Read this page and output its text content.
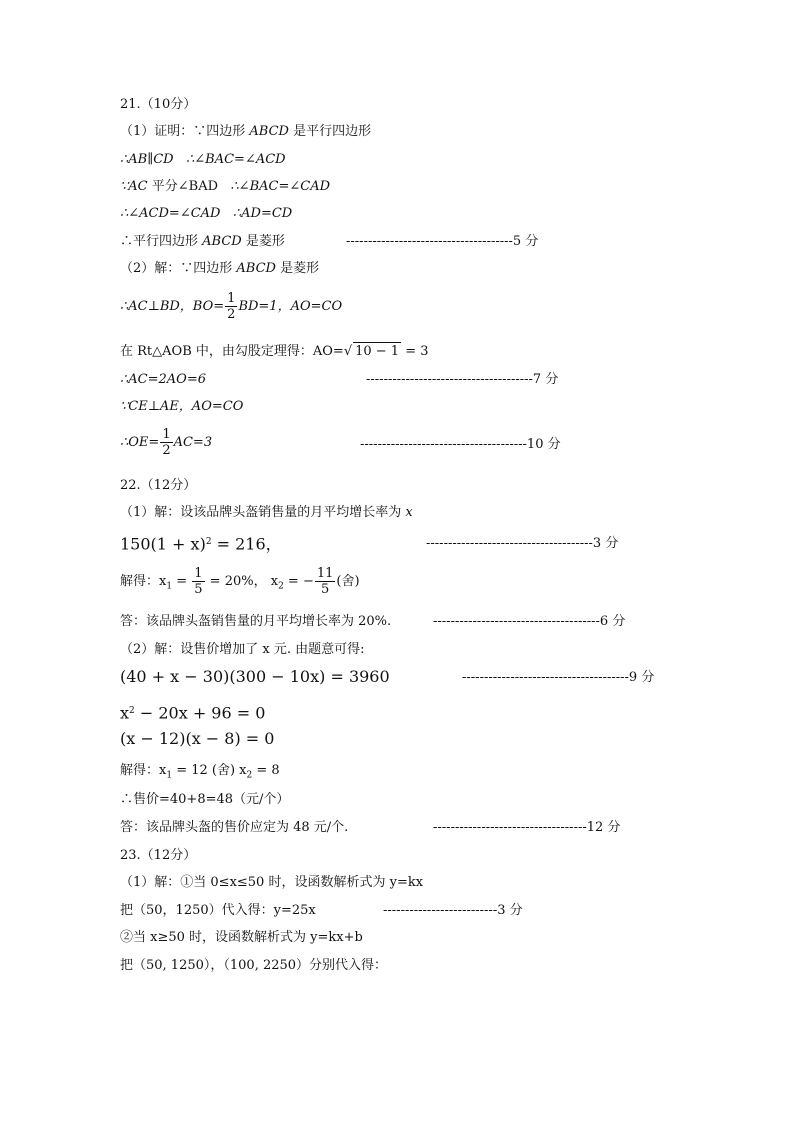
21.（10分）
（1）证明：∵四边形 ABCD 是平行四边形
∴AB∥CD ∴∠BAC=∠ACD
∵AC 平分∠BAD ∴∠BAC=∠CAD
∴∠ACD=∠CAD ∴AD=CD
∴平行四边形 ABCD 是菱形	--------------------------------------5 分
（2）解：∵四边形 ABCD 是菱形
∴AC⊥BD，$BO= \frac{1}{2} BD=1$，AO=CO
在 Rt△AOB 中，由勾股定理得：AO=√ 10 − 1 = 3
∴AC=2AO=6	--------------------------------------7 分
∵CE⊥AE，AO=CO
∴OE= $\frac{1}{2} AC=3$	--------------------------------------10 分
22.（12分）
（1）解：设该品牌头盔销售量的月平均增长率为 x
$150(1 + x)^2 = 216$，	--------------------------------------3 分
解得：$x_1 = \frac{1}{5} = 20\%$， $x_2$ = − $\frac{11}{5}$ (舍)
答：该品牌头盔销售量的月平均增长率为 20%.	--------------------------------------6 分
（2）解：设售价增加了 x 元. 由题意可得:
(40 + x − 30)(300 − 10x) = 3960	--------------------------------------9 分
$x^2 - 20x + 96 = 0$
(x − 12)(x − 8) = 0
解得：$x_1 = 12$ (舍) $x_2 = 8$
∴售价=40+8=48（元/个）
答：该品牌头盔的售价应定为 48 元/个.	-----------------------------------12 分
23.（12分）
（1）解：①当 0≤x≤50 时，设函数解析式为 y=kx
把（50，1250）代入得：y=25x	--------------------------3 分
②当 x≥50 时，设函数解析式为 y=kx+b
把（50, 1250），（100, 2250）分别代入得：
